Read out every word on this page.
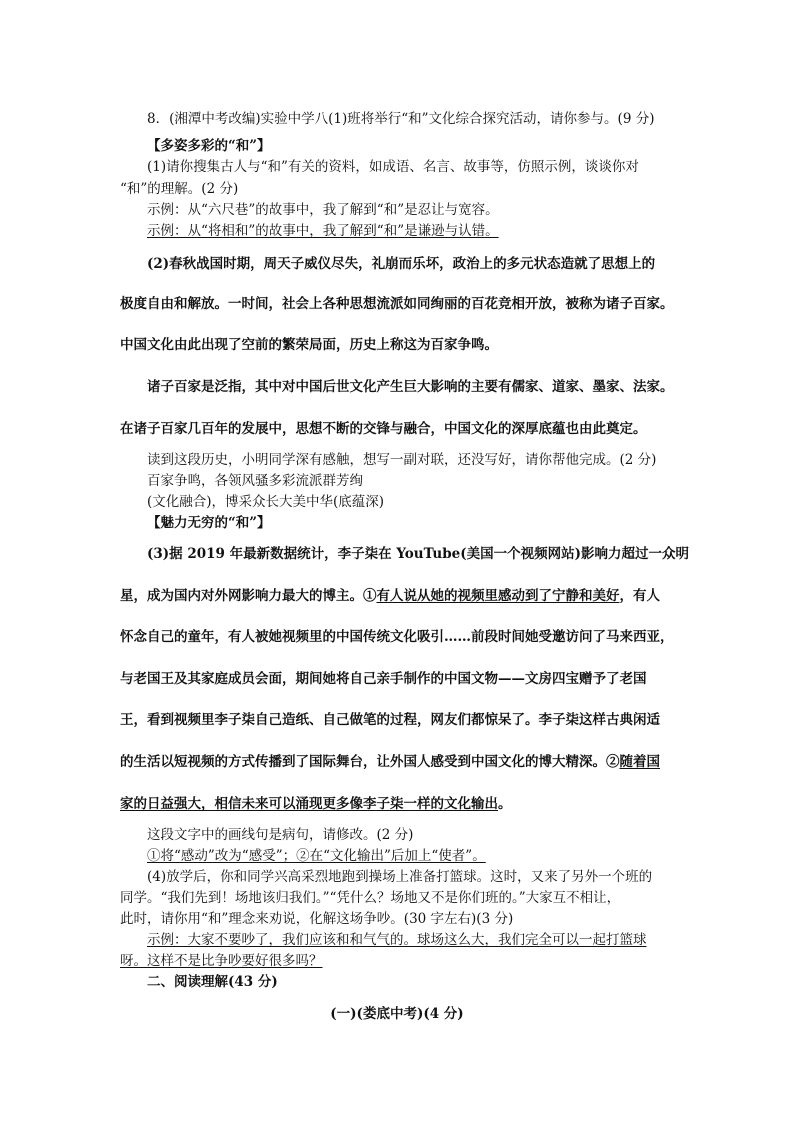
8．(湘潭中考改编)实验中学八(1)班将举行“和”文化综合探究活动，请你参与。(9 分)
【多姿多彩的“和”】
(1)请你搜集古人与“和”有关的资料，如成语、名言、故事等，仿照示例，谈谈你对
“和”的理解。(2 分)
示例：从“六尺巷”的故事中，我了解到“和”是忍让与宽容。
示例：从“将相和”的故事中，我了解到“和”是谦逊与认错。
(2)春秋战国时期，周天子威仪尽失，礼崩而乐坏，政治上的多元状态造就了思想上的
极度自由和解放。一时间，社会上各种思想流派如同绚丽的百花竞相开放，被称为诸子百家。
中国文化由此出现了空前的繁荣局面，历史上称这为百家争鸣。
诸子百家是泛指，其中对中国后世文化产生巨大影响的主要有儒家、道家、墨家、法家。
在诸子百家几百年的发展中，思想不断的交锋与融合，中国文化的深厚底蕴也由此奠定。
读到这段历史，小明同学深有感触，想写一副对联，还没写好，请你帮他完成。(2 分)
百家争鸣，各领风骚多彩流派群芳绚
(文化融合)，博采众长大美中华(底蕴深)
【魅力无穷的“和”】
(3)据 2019 年最新数据统计，李子柒在 YouTube(美国一个视频网站)影响力超过一众明
星，成为国内对外网影响力最大的博主。①有人说从她的视频里感动到了宁静和美好，有人
怀念自己的童年，有人被她视频里的中国传统文化吸引……前段时间她受邀访问了马来西亚，
与老国王及其家庭成员会面，期间她将自己亲手制作的中国文物——文房四宝赠予了老国
王，看到视频里李子柒自己造纸、自己做笔的过程，网友们都惊呆了。李子柒这样古典闲适
的生活以短视频的方式传播到了国际舞台，让外国人感受到中国文化的博大精深。②随着国
家的日益强大，相信未来可以涌现更多像李子柒一样的文化输出。
这段文字中的画线句是病句，请修改。(2 分)
①将“感动”改为“感受”；②在“文化输出”后加上“使者”。
(4)放学后，你和同学兴高采烈地跑到操场上准备打篮球。这时，又来了另外一个班的
同学。“我们先到！场地该归我们。”“凭什么？场地又不是你们班的。”大家互不相让，
此时，请你用“和”理念来劝说，化解这场争吵。(30 字左右)(3 分)
示例：大家不要吵了，我们应该和和气气的。球场这么大，我们完全可以一起打篮球
呀。这样不是比争吵要好很多吗？
二、阅读理解(43 分)
(一)(娄底中考)(4 分)
